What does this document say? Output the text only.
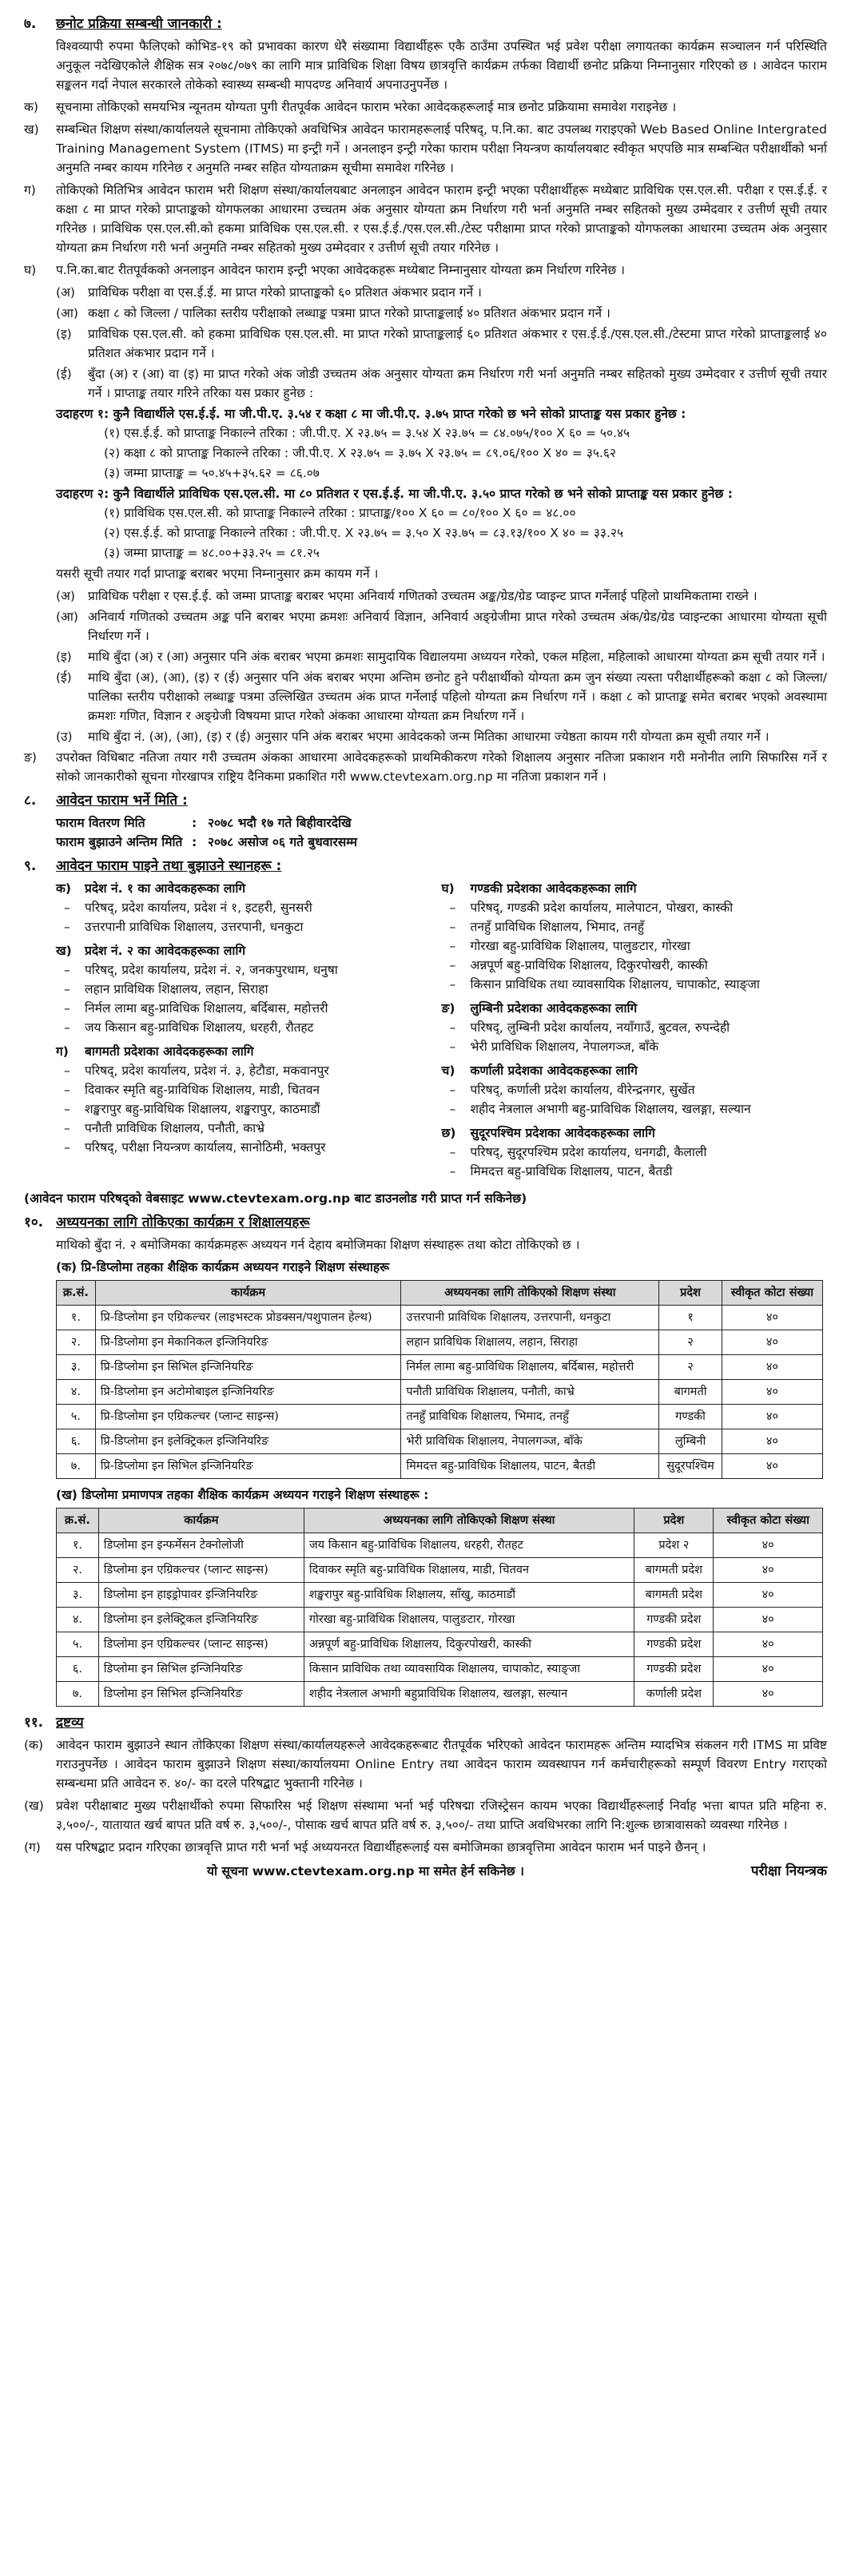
७.	छनोट प्रक्रिया सम्बन्धी जानकारी :
विश्वव्यापी रुपमा फैलिएको कोभिड-१९ को प्रभावका कारण धेरै संख्यामा विद्यार्थीहरू एकै ठाउँमा उपस्थित भई प्रवेश परीक्षा लगायतका कार्यक्रम सञ्चालन गर्न परिस्थिति अनुकूल नदेखिएकोले शैक्षिक सत्र २०७८/०७९ का लागि मात्र प्राविधिक शिक्षा विषय छात्रवृत्ति कार्यक्रम तर्फका विद्यार्थी छनोट प्रक्रिया निम्नानुसार गरिएको छ । आवेदन फाराम सङ्कलन गर्दा नेपाल सरकारले तोकेको स्वास्थ्य सम्बन्धी मापदण्ड अनिवार्य अपनाउनुपर्नेछ ।
क)	सूचनामा तोकिएको समयभित्र न्यूनतम योग्यता पुगी रीतपूर्वक आवेदन फाराम भरेका आवेदकहरूलाई मात्र छनोट प्रक्रियामा समावेश गराइनेछ ।
ख)	सम्बन्धित शिक्षण संस्था/कार्यालयले सूचनामा तोकिएको अवधिभित्र आवेदन फारामहरूलाई परिषद्, प.नि.का. बाट उपलब्ध गराइएको Web Based Online Intergrated Training Management System (ITMS) मा इन्ट्री गर्ने । अनलाइन इन्ट्री गरेका फाराम परीक्षा नियन्त्रण कार्यालयबाट स्वीकृत भएपछि मात्र सम्बन्धित परीक्षार्थीको भर्ना अनुमति नम्बर कायम गरिनेछ र अनुमति नम्बर सहित योग्यताक्रम सूचीमा समावेश गरिनेछ ।
ग)	तोकिएको मितिभित्र आवेदन फाराम भरी शिक्षण संस्था/कार्यालयबाट अनलाइन आवेदन फाराम इन्ट्री भएका परीक्षार्थीहरू मध्येबाट प्राविधिक एस.एल.सी. परीक्षा र एस.ई.ई. र कक्षा ८ मा प्राप्त गरेको प्राप्ताङ्कको योगफलका आधारमा उच्चतम अंक अनुसार योग्यता क्रम निर्धारण गरी भर्ना अनुमति नम्बर सहितको मुख्य उम्मेदवार र उत्तीर्ण सूची तयार गरिनेछ । प्राविधिक एस.एल.सी.को हकमा प्राविधिक एस.एल.सी. र एस.ई.ई./एस.एल.सी./टेस्ट परीक्षामा प्राप्त गरेको प्राप्ताङ्कको योगफलका आधारमा उच्चतम अंक अनुसार योग्यता क्रम निर्धारण गरी भर्ना अनुमति नम्बर सहितको मुख्य उम्मेदवार र उत्तीर्ण सूची तयार गरिनेछ ।
घ)	प.नि.का.बाट रीतपूर्वकको अनलाइन आवेदन फाराम इन्ट्री भएका आवेदकहरू मध्येबाट निम्नानुसार योग्यता क्रम निर्धारण गरिनेछ ।
(अ)	प्राविधिक परीक्षा वा एस.ई.ई. मा प्राप्त गरेको प्राप्ताङ्कको ६० प्रतिशत अंकभार प्रदान गर्ने ।
(आ) कक्षा ८ को जिल्ला / पालिका स्तरीय परीक्षाको लब्धाङ्क पत्रमा प्राप्त गरेको प्राप्ताङ्कलाई ४० प्रतिशत अंकभार प्रदान गर्ने ।
(इ)	प्राविधिक एस.एल.सी. को हकमा प्राविधिक एस.एल.सी. मा प्राप्त गरेको प्राप्ताङ्कलाई ६० प्रतिशत अंकभार र एस.ई.ई./एस.एल.सी./टेस्टमा प्राप्त गरेको प्राप्ताङ्कलाई ४० प्रतिशत अंकभार प्रदान गर्ने ।
(ई)	बुँदा (अ) र (आ) वा (इ) मा प्राप्त गरेको अंक जोडी उच्चतम अंक अनुसार योग्यता क्रम निर्धारण गरी भर्ना अनुमति नम्बर सहितको मुख्य उम्मेदवार र उत्तीर्ण सूची तयार गर्ने । प्राप्ताङ्क तयार गरिने तरिका यस प्रकार हुनेछ :
उदाहरण १: कुनै विद्यार्थीले एस.ई.ई. मा जी.पी.ए. ३.५४ र कक्षा ८ मा जी.पी.ए. ३.७५ प्राप्त गरेको छ भने सोको प्राप्ताङ्क यस प्रकार हुनेछ :
(१) एस.ई.ई. को प्राप्ताङ्क निकाल्ने तरिका : जी.पी.ए. X २३.७५ = ३.५४ X २३.७५ = ८४.०७५/१०० X ६० = ५०.४५
(२) कक्षा ८ को प्राप्ताङ्क निकाल्ने तरिका : जी.पी.ए. X २३.७५ = ३.७५ X २३.७५ = ८९.०६/१०० X ४० = ३५.६२
(३) जम्मा प्राप्ताङ्क = ५०.४५+३५.६२ = ८६.०७
उदाहरण २: कुनै विद्यार्थीले प्राविधिक एस.एल.सी. मा ८० प्रतिशत र एस.ई.ई. मा जी.पी.ए. ३.५० प्राप्त गरेको छ भने सोको प्राप्ताङ्क यस प्रकार हुनेछ :
(१) प्राविधिक एस.एल.सी. को प्राप्ताङ्क निकाल्ने तरिका : प्राप्ताङ्क/१०० X ६० = ८०/१०० X ६० = ४८.००
(२) एस.ई.ई. को प्राप्ताङ्क निकाल्ने तरिका : जी.पी.ए. X २३.७५ = ३.५० X २३.७५ = ८३.१३/१०० X ४० = ३३.२५
(३) जम्मा प्राप्ताङ्क = ४८.००+३३.२५ = ८१.२५
यसरी सूची तयार गर्दा प्राप्ताङ्क बराबर भएमा निम्नानुसार क्रम कायम गर्ने ।
(अ)	प्राविधिक परीक्षा र एस.ई.ई. को जम्मा प्राप्ताङ्क बराबर भएमा अनिवार्य गणितको उच्चतम अङ्क/ग्रेड/ग्रेड प्वाइन्ट प्राप्त गर्नेलाई पहिलो प्राथमिकतामा राख्ने ।
(आ) अनिवार्य गणितको उच्चतम अङ्क पनि बराबर भएमा क्रमशः अनिवार्य विज्ञान, अनिवार्य अङ्ग्रेजीमा प्राप्त गरेको उच्चतम अंक/ग्रेड/ग्रेड प्वाइन्टका आधारमा योग्यता सूची निर्धारण गर्ने ।
(इ)	माथि बुँदा (अ) र (आ) अनुसार पनि अंक बराबर भएमा क्रमशः सामुदायिक विद्यालयमा अध्ययन गरेको, एकल महिला, महिलाको आधारमा योग्यता क्रम सूची तयार गर्ने ।
(ई)	माथि बुँदा (अ), (आ), (इ) र (ई) अनुसार पनि अंक बराबर भएमा अन्तिम छनोट हुने परीक्षार्थीको योग्यता क्रम जुन संख्या त्यस्ता परीक्षार्थीहरूको कक्षा ८ को जिल्ला/पालिका स्तरीय परीक्षाको लब्धाङ्क पत्रमा उल्लिखित उच्चतम अंक प्राप्त गर्नेलाई पहिलो योग्यता क्रम निर्धारण गर्ने । कक्षा ८ को प्राप्ताङ्क समेत बराबर भएको अवस्थामा क्रमशः गणित, विज्ञान र अङ्ग्रेजी विषयमा प्राप्त गरेको अंकका आधारमा योग्यता क्रम निर्धारण गर्ने ।
(उ)	माथि बुँदा नं. (अ), (आ), (इ) र (ई) अनुसार पनि अंक बराबर भएमा आवेदकको जन्म मितिका आधारमा ज्येष्ठता कायम गरी योग्यता क्रम सूची तयार गर्ने ।
ङ)	उपरोक्त विधिबाट नतिजा तयार गरी उच्चतम अंकका आधारमा आवेदकहरूको प्राथमिकीकरण गरेको शिक्षालय अनुसार नतिजा प्रकाशन गरी मनोनीत लागि सिफारिस गर्ने र सोको जानकारीको सूचना गोरखापत्र राष्ट्रिय दैनिकमा प्रकाशित गरी www.ctevtexam.org.np मा नतिजा प्रकाशन गर्ने ।
८.	आवेदन फाराम भर्ने मिति :
फाराम वितरण मिति	: २०७८ भदौ १७ गते बिहीवारदेखि
फाराम बुझाउने अन्तिम मिति : २०७८ असोज ०६ गते बुधवारसम्म
९.	आवेदन फाराम पाइने तथा बुझाउने स्थानहरू :
क)	प्रदेश नं. १ का आवेदकहरूका लागि
–	परिषद्, प्रदेश कार्यालय, प्रदेश नं १, इटहरी, सुनसरी
–	उत्तरपानी प्राविधिक शिक्षालय, उत्तरपानी, धनकुटा
ख)	प्रदेश नं. २ का आवेदकहरूका लागि
–	परिषद्, प्रदेश कार्यालय, प्रदेश नं. २, जनकपुरधाम, धनुषा
–	लहान प्राविधिक शिक्षालय, लहान, सिराहा
–	निर्मल लामा बहु-प्राविधिक शिक्षालय, बर्दिबास, महोत्तरी
–	जय किसान बहु-प्राविधिक शिक्षालय, धरहरी, रौतहट
ग)	बागमती प्रदेशका आवेदकहरूका लागि
–	परिषद्, प्रदेश कार्यालय, प्रदेश नं. ३, हेटौडा, मकवानपुर
–	दिवाकर स्मृति बहु-प्राविधिक शिक्षालय, माडी, चितवन
–	शङ्खरापुर बहु-प्राविधिक शिक्षालय, शङ्खरापुर, काठमाडौं
–	पनौती प्राविधिक शिक्षालय, पनौती, काभ्रे
–	परिषद्, परीक्षा नियन्त्रण कार्यालय, सानोठिमी, भक्तपुर
घ)	गण्डकी प्रदेशका आवेदकहरूका लागि
–	परिषद्, गण्डकी प्रदेश कार्यालय, मालेपाटन, पोखरा, कास्की
–	तनहुँ प्राविधिक शिक्षालय, भिमाद, तनहुँ
–	गोरखा बहु-प्राविधिक शिक्षालय, पालुङटार, गोरखा
–	अन्नपूर्ण बहु-प्राविधिक शिक्षालय, दिकुरपोखरी, कास्की
–	किसान प्राविधिक तथा व्यावसायिक शिक्षालय, चापाकोट, स्याङ्जा
ङ)	लुम्बिनी प्रदेशका आवेदकहरूका लागि
–	परिषद्, लुम्बिनी प्रदेश कार्यालय, नयाँगाउँ, बुटवल, रुपन्देही
–	भेरी प्राविधिक शिक्षालय, नेपालगञ्ज, बाँके
च)	कर्णाली प्रदेशका आवेदकहरूका लागि
–	परिषद्, कर्णाली प्रदेश कार्यालय, वीरेन्द्रनगर, सुर्खेत
–	शहीद नेत्रलाल अभागी बहु-प्राविधिक शिक्षालय, खलङ्गा, सल्यान
छ)	सुदूरपश्चिम प्रदेशका आवेदकहरूका लागि
–	परिषद्, सुदूरपश्चिम प्रदेश कार्यालय, धनगढी, कैलाली
–	मिमदत्त बहु-प्राविधिक शिक्षालय, पाटन, बैतडी
(आवेदन फाराम परिषद्को वेबसाइट www.ctevtexam.org.np बाट डाउनलोड गरी प्राप्त गर्न सकिनेछ)
१०. अध्ययनका लागि तोकिएका कार्यक्रम र शिक्षालयहरू
माथिको बुँदा नं. २ बमोजिमका कार्यक्रमहरू अध्ययन गर्न देहाय बमोजिमका शिक्षण संस्थाहरू तथा कोटा तोकिएको छ ।
(क) प्रि-डिप्लोमा तहका शैक्षिक कार्यक्रम अध्ययन गराइने शिक्षण संस्थाहरू
क्र.सं.	कार्यक्रम	अध्ययनका लागि तोकिएको शिक्षण संस्था	प्रदेश	स्वीकृत कोटा संख्या
१.	प्रि-डिप्लोमा इन एग्रिकल्चर (लाइभस्टक प्रोडक्सन/पशुपालन हेल्थ)	उत्तरपानी प्राविधिक शिक्षालय, उत्तरपानी, धनकुटा	१	४०
२.	प्रि-डिप्लोमा इन मेकानिकल इन्जिनियरिङ	लहान प्राविधिक शिक्षालय, लहान, सिराहा	२	४०
३.	प्रि-डिप्लोमा इन सिभिल इन्जिनियरिङ	निर्मल लामा बहु-प्राविधिक शिक्षालय, बर्दिबास, महोत्तरी	२	४०
४.	प्रि-डिप्लोमा इन अटोमोबाइल इन्जिनियरिङ	पनौती प्राविधिक शिक्षालय, पनौती, काभ्रे	बागमती	४०
५.	प्रि-डिप्लोमा इन एग्रिकल्चर (प्लान्ट साइन्स)	तनहुँ प्राविधिक शिक्षालय, भिमाद, तनहुँ	गण्डकी	४०
६.	प्रि-डिप्लोमा इन इलेक्ट्रिकल इन्जिनियरिङ	भेरी प्राविधिक शिक्षालय, नेपालगञ्ज, बाँके	लुम्बिनी	४०
७.	प्रि-डिप्लोमा इन सिभिल इन्जिनियरिङ	मिमदत्त बहु-प्राविधिक शिक्षालय, पाटन, बैतडी	सुदूरपश्चिम	४०
(ख) डिप्लोमा प्रमाणपत्र तहका शैक्षिक कार्यक्रम अध्ययन गराइने शिक्षण संस्थाहरू :
क्र.सं.	कार्यक्रम	अध्ययनका लागि तोकिएको शिक्षण संस्था	प्रदेश	स्वीकृत कोटा संख्या
१.	डिप्लोमा इन इन्फर्मेसन टेक्नोलोजी	जय किसान बहु-प्राविधिक शिक्षालय, धरहरी, रौतहट	प्रदेश २	४०
२.	डिप्लोमा इन एग्रिकल्चर (प्लान्ट साइन्स)	दिवाकर स्मृति बहु-प्राविधिक शिक्षालय, माडी, चितवन	बागमती प्रदेश	४०
३.	डिप्लोमा इन हाइड्रोपावर इन्जिनियरिङ	शङ्खरापुर बहु-प्राविधिक शिक्षालय, साँखु, काठमाडौं	बागमती प्रदेश	४०
४.	डिप्लोमा इन इलेक्ट्रिकल इन्जिनियरिङ	गोरखा बहु-प्राविधिक शिक्षालय, पालुङटार, गोरखा	गण्डकी प्रदेश	४०
५.	डिप्लोमा इन एग्रिकल्चर (प्लान्ट साइन्स)	अन्नपूर्ण बहु-प्राविधिक शिक्षालय, दिकुरपोखरी, कास्की	गण्डकी प्रदेश	४०
६.	डिप्लोमा इन सिभिल इन्जिनियरिङ	किसान प्राविधिक तथा व्यावसायिक शिक्षालय, चापाकोट, स्याङ्जा	गण्डकी प्रदेश	४०
७.	डिप्लोमा इन सिभिल इन्जिनियरिङ	शहीद नेत्रलाल अभागी बहुप्राविधिक शिक्षालय, खलङ्गा, सल्यान	कर्णाली प्रदेश	४०
११. द्रष्टव्य
(क)	आवेदन फाराम बुझाउने स्थान तोकिएका शिक्षण संस्था/कार्यालयहरूले आवेदकहरूबाट रीतपूर्वक भरिएको आवेदन फारामहरू अन्तिम म्यादभित्र संकलन गरी ITMS मा प्रविष्ट गराउनुपर्नेछ । आवेदन फाराम बुझाउने शिक्षण संस्था/कार्यालयमा Online Entry तथा आवेदन फाराम व्यवस्थापन गर्न कर्मचारीहरूको सम्पूर्ण विवरण Entry गराएको सम्बन्धमा प्रति आवेदन रु. ४०/- का दरले परिषद्बाट भुक्तानी गरिनेछ ।
(ख) प्रवेश परीक्षाबाट मुख्य परीक्षार्थीको रुपमा सिफारिस भई शिक्षण संस्थामा भर्ना भई परिषद्मा रजिस्ट्रेसन कायम भएका विद्यार्थीहरूलाई निर्वाह भत्ता बापत प्रति महिना रु. ३,५००/-, यातायात खर्च बापत प्रति वर्ष रु. ३,५००/-, पोसाक खर्च बापत प्रति वर्ष रु. ३,५००/- तथा प्राप्ति अवधिभरका लागि नि:शुल्क छात्रावासको व्यवस्था गरिनेछ ।
(ग)	यस परिषद्बाट प्रदान गरिएका छात्रवृत्ति प्राप्त गरी भर्ना भई अध्ययनरत विद्यार्थीहरूलाई यस बमोजिमका छात्रवृत्तिमा आवेदन फाराम भर्न पाइने छैनन् ।
यो सूचना www.ctevtexam.org.np मा समेत हेर्न सकिनेछ ।	परीक्षा नियन्त्रक
